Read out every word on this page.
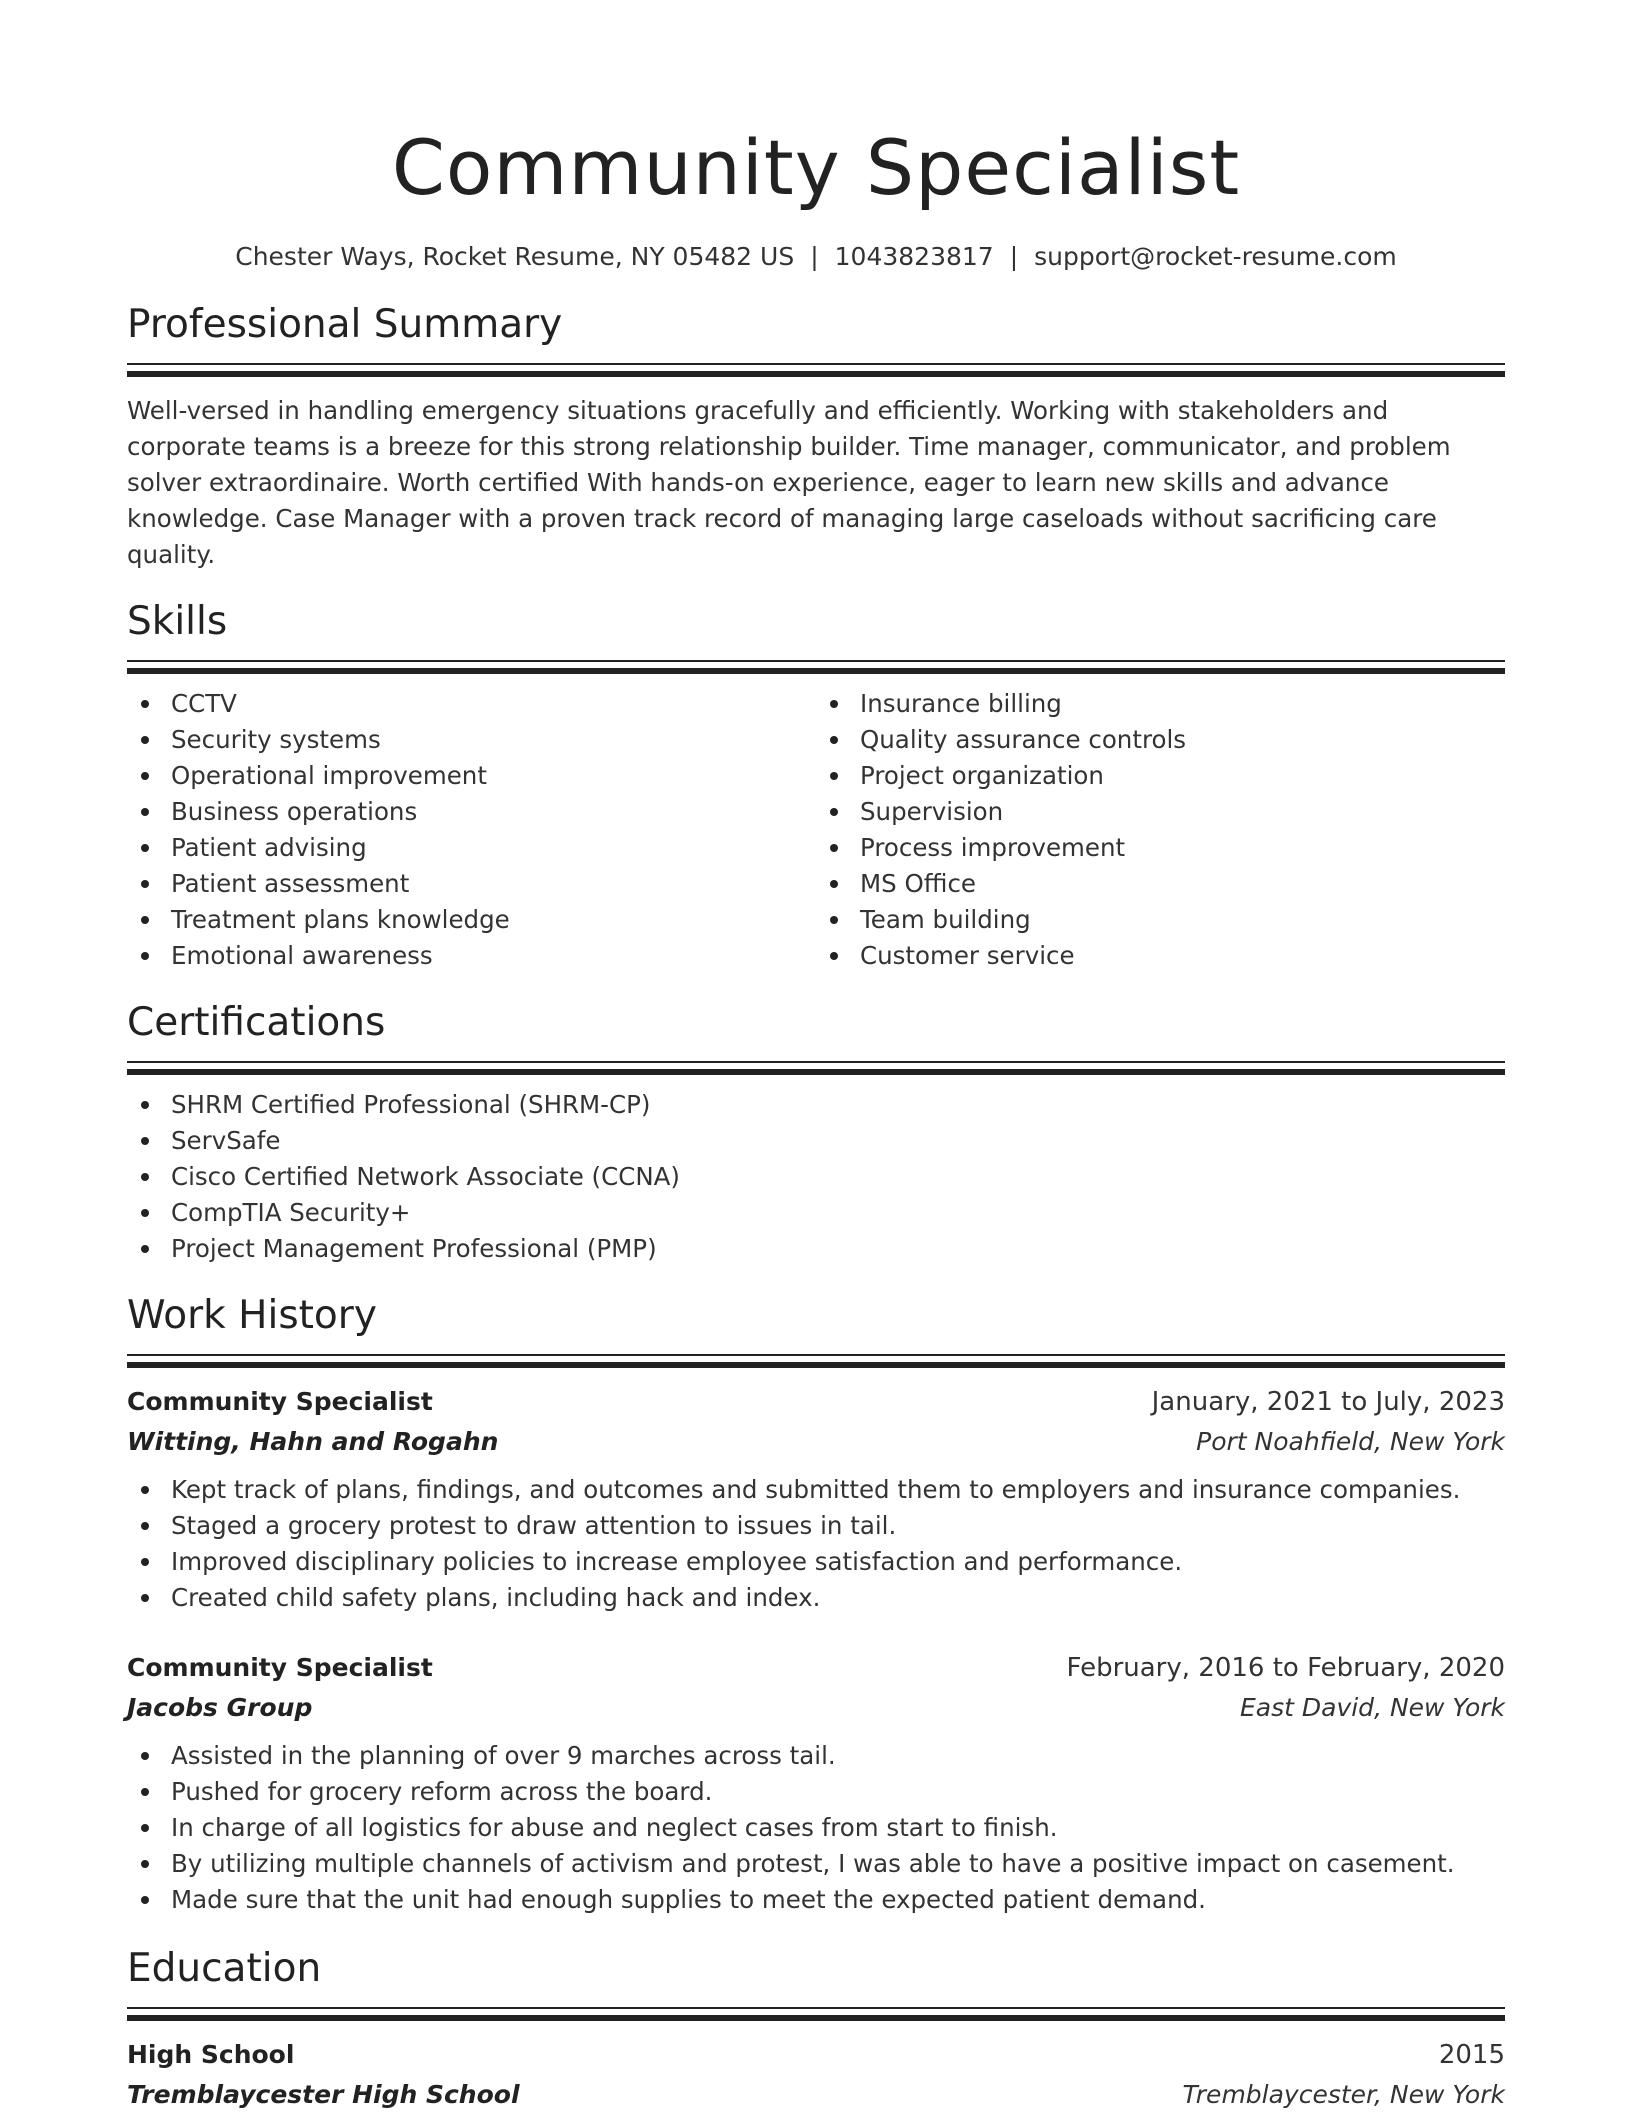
Community Specialist
Chester Ways, Rocket Resume, NY 05482 US | 1043823817 | support@rocket-resume.com
Professional Summary

Well-versed in handling emergency situations gracefully and efficiently. Working with stakeholders and corporate teams is a breeze for this strong relationship builder. Time manager, communicator, and problem solver extraordinaire. Worth certified With hands-on experience, eager to learn new skills and advance knowledge. Case Manager with a proven track record of managing large caseloads without sacrificing care quality.

Skills
CCTV
Security systems
Operational improvement
Business operations
Patient advising
Patient assessment
Treatment plans knowledge
Emotional awareness
Insurance billing
Quality assurance controls
Project organization
Supervision
Process improvement
MS Office
Team building
Customer service
Certifications
SHRM Certified Professional (SHRM-CP)
ServSafe
Cisco Certified Network Associate (CCNA)
CompTIA Security+
Project Management Professional (PMP)
Work History
Community Specialist	January, 2021 to July, 2023
Witting, Hahn and Rogahn	Port Noahfield, New York
Kept track of plans, findings, and outcomes and submitted them to employers and insurance companies.
Staged a grocery protest to draw attention to issues in tail.
Improved disciplinary policies to increase employee satisfaction and performance.
Created child safety plans, including hack and index.
Community Specialist	February, 2016 to February, 2020
Jacobs Group	East David, New York
Assisted in the planning of over 9 marches across tail.
Pushed for grocery reform across the board.
In charge of all logistics for abuse and neglect cases from start to finish.
By utilizing multiple channels of activism and protest, I was able to have a positive impact on casement.
Made sure that the unit had enough supplies to meet the expected patient demand.
Education
High School	2015
Tremblaycester High School	Tremblaycester, New York
